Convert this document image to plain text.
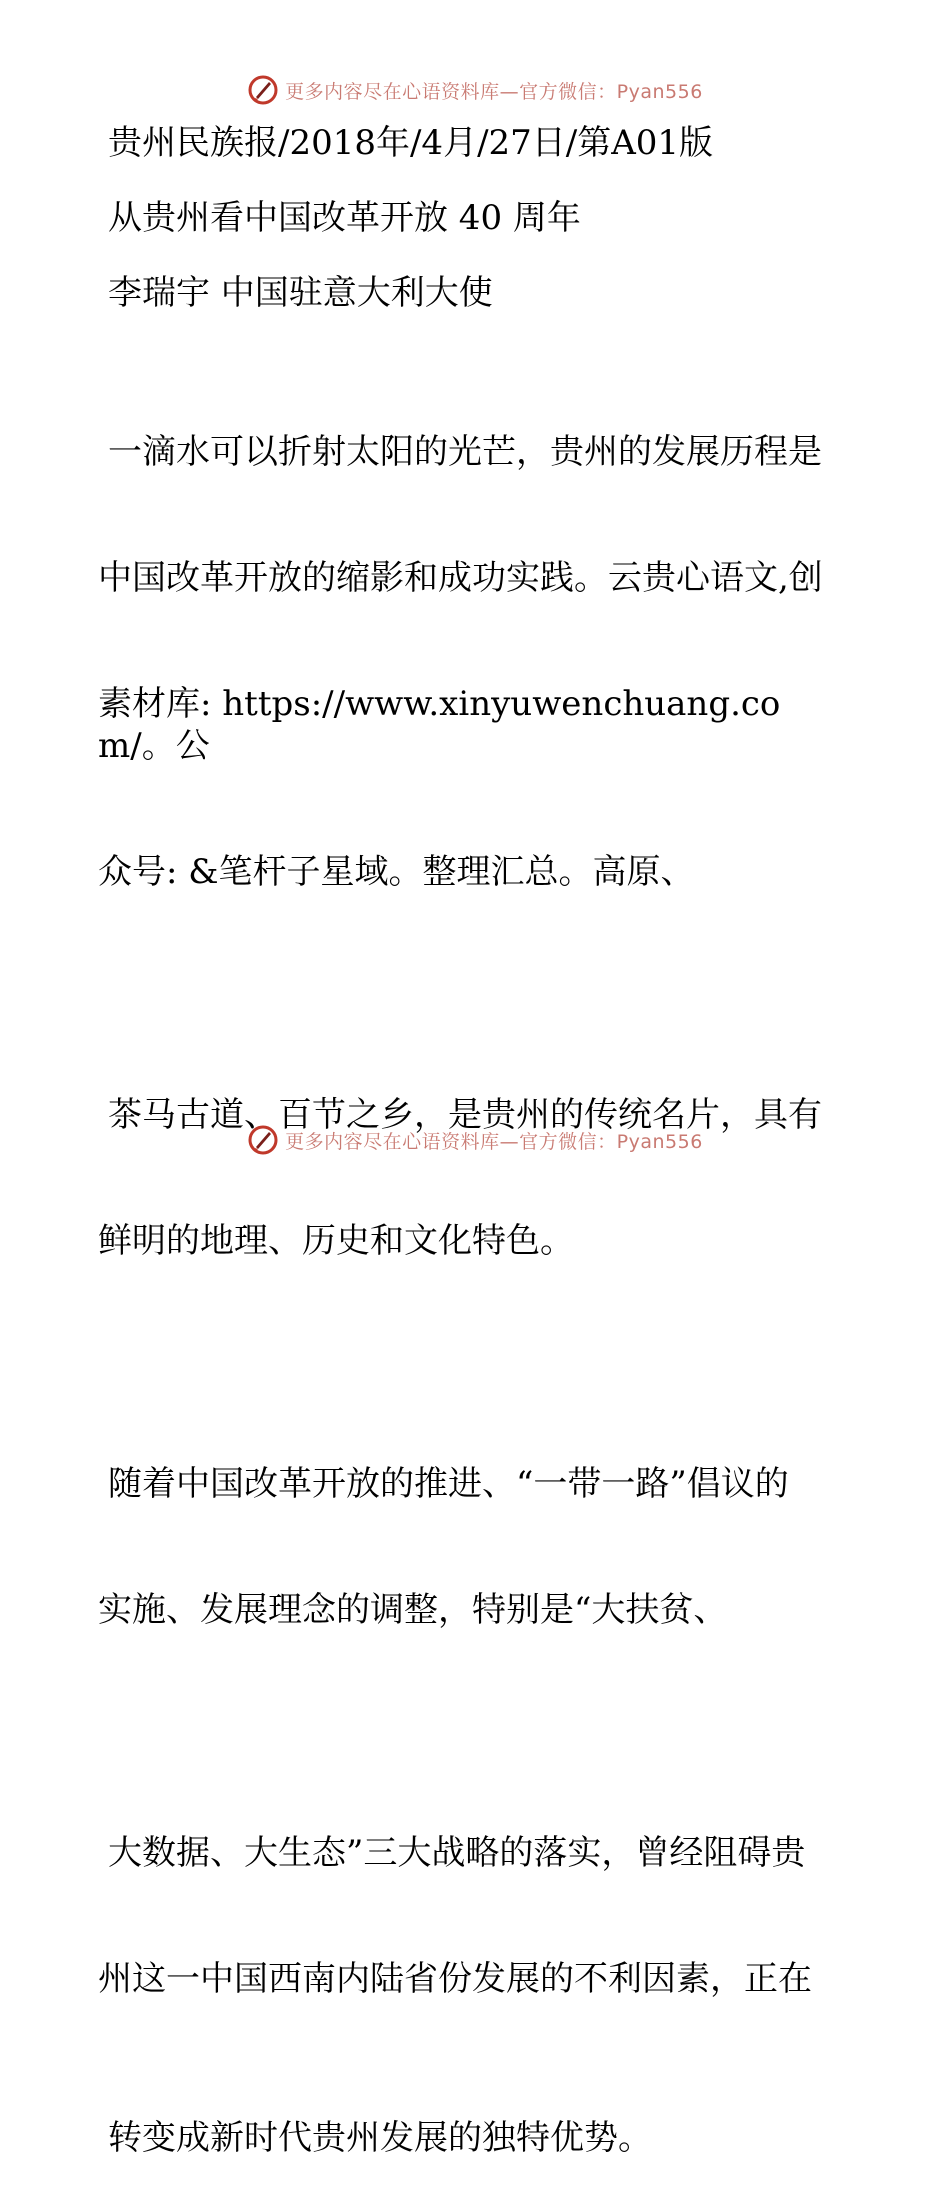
更多内容尽在心语资料库—官方微信：Pyan556
贵州民族报/2018年/4月/27日/第A01版
从贵州看中国改革开放 40 周年
李瑞宇 中国驻意大利大使

一滴水可以折射太阳的光芒，贵州的发展历程是

中国改革开放的缩影和成功实践。云贵心语文,创

素材库: https://www.xinyuwenchuang.com/。公

众号: &笔杆子星域。整理汇总。高原、

茶马古道、百节之乡，是贵州的传统名片，具有

鲜明的地理、历史和文化特色。

随着中国改革开放的推进、“一带一路”倡议的

实施、发展理念的调整，特别是“大扶贫、

大数据、大生态”三大战略的落实，曾经阻碍贵

州这一中国西南内陆省份发展的不利因素，正在

转变成新时代贵州发展的独特优势。
更多内容尽在心语资料库—官方微信：Pyan556
